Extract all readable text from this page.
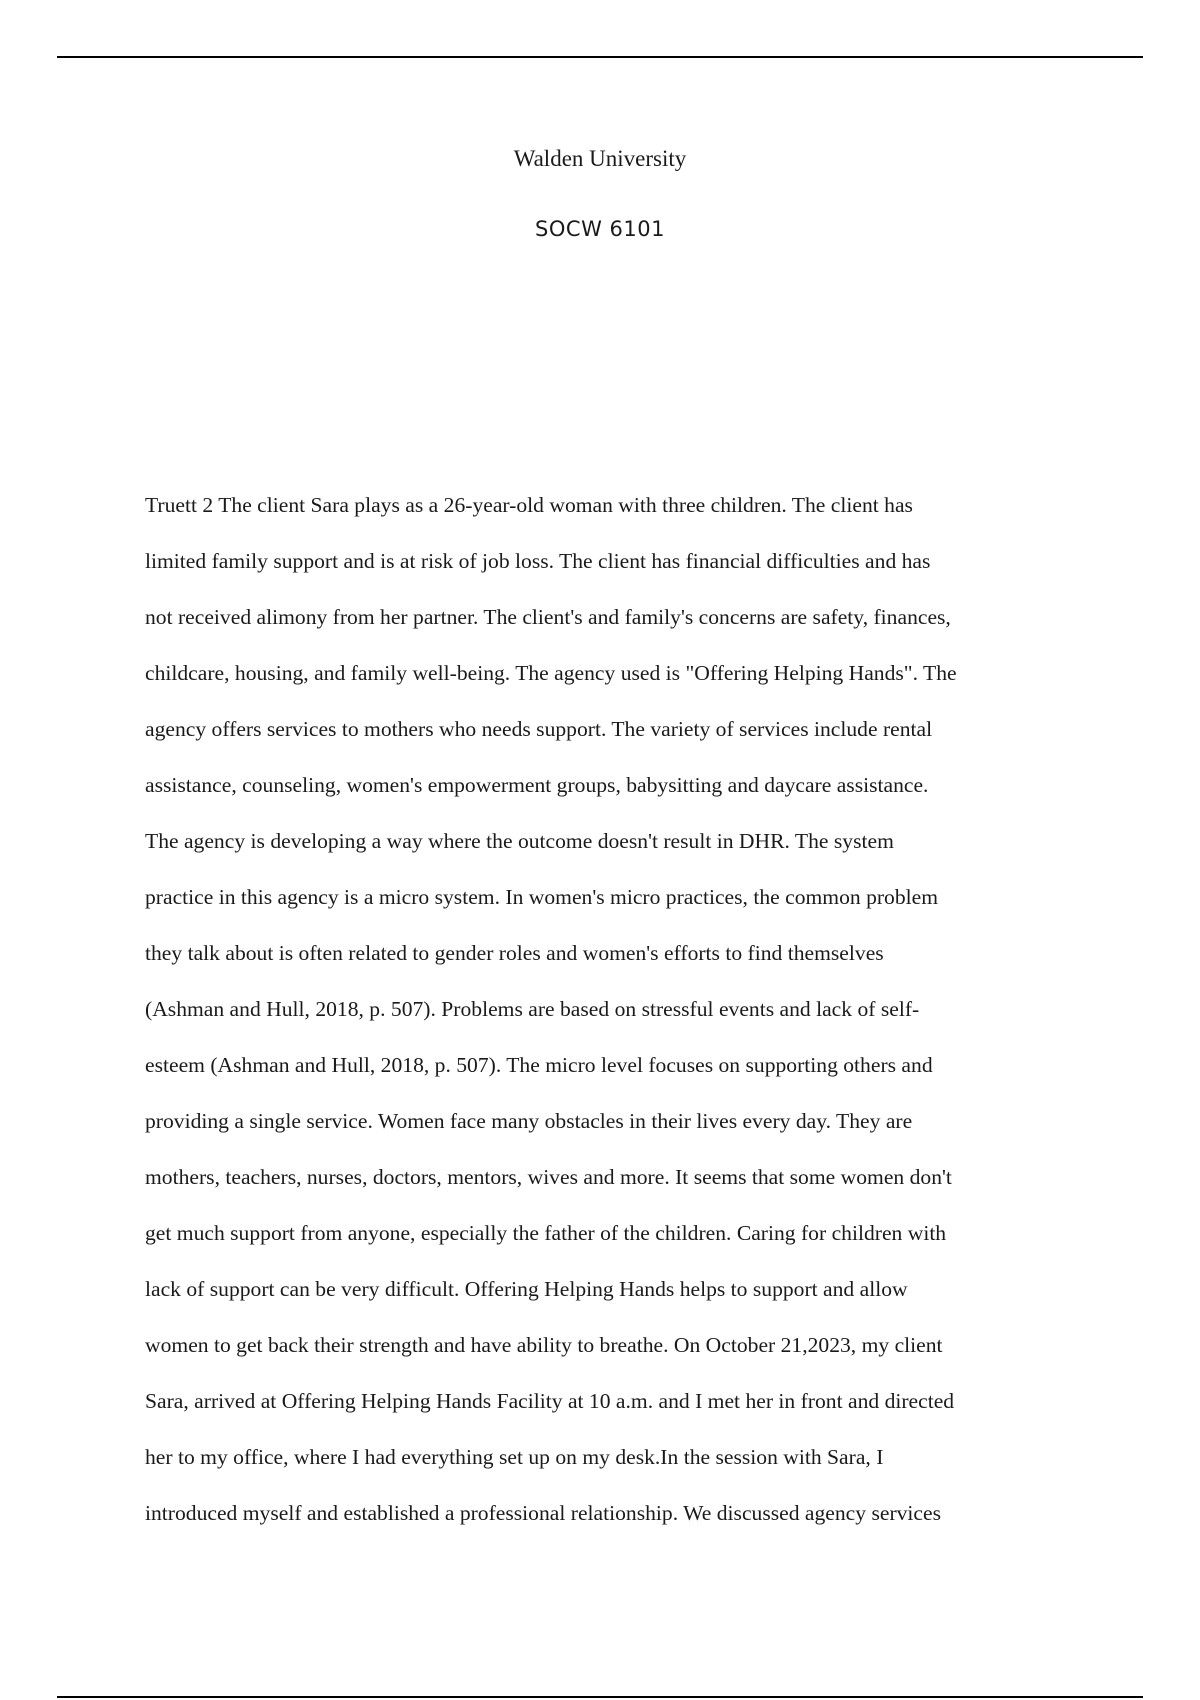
Walden University
SOCW 6101
Truett 2 The client Sara plays as a 26-year-old woman with three children. The client has
limited family support and is at risk of job loss. The client has financial difficulties and has
not received alimony from her partner. The client's and family's concerns are safety, finances,
childcare, housing, and family well-being. The agency used is "Offering Helping Hands". The
agency offers services to mothers who needs support. The variety of services include rental
assistance, counseling, women's empowerment groups, babysitting and daycare assistance.
The agency is developing a way where the outcome doesn't result in DHR. The system
practice in this agency is a micro system. In women's micro practices, the common problem
they talk about is often related to gender roles and women's efforts to find themselves
(Ashman and Hull, 2018, p. 507). Problems are based on stressful events and lack of self-
esteem (Ashman and Hull, 2018, p. 507). The micro level focuses on supporting others and
providing a single service. Women face many obstacles in their lives every day. They are
mothers, teachers, nurses, doctors, mentors, wives and more. It seems that some women don't
get much support from anyone, especially the father of the children. Caring for children with
lack of support can be very difficult. Offering Helping Hands helps to support and allow
women to get back their strength and have ability to breathe. On October 21,2023, my client
Sara, arrived at Offering Helping Hands Facility at 10 a.m. and I met her in front and directed
her to my office, where I had everything set up on my desk.In the session with Sara, I
introduced myself and established a professional relationship. We discussed agency services
